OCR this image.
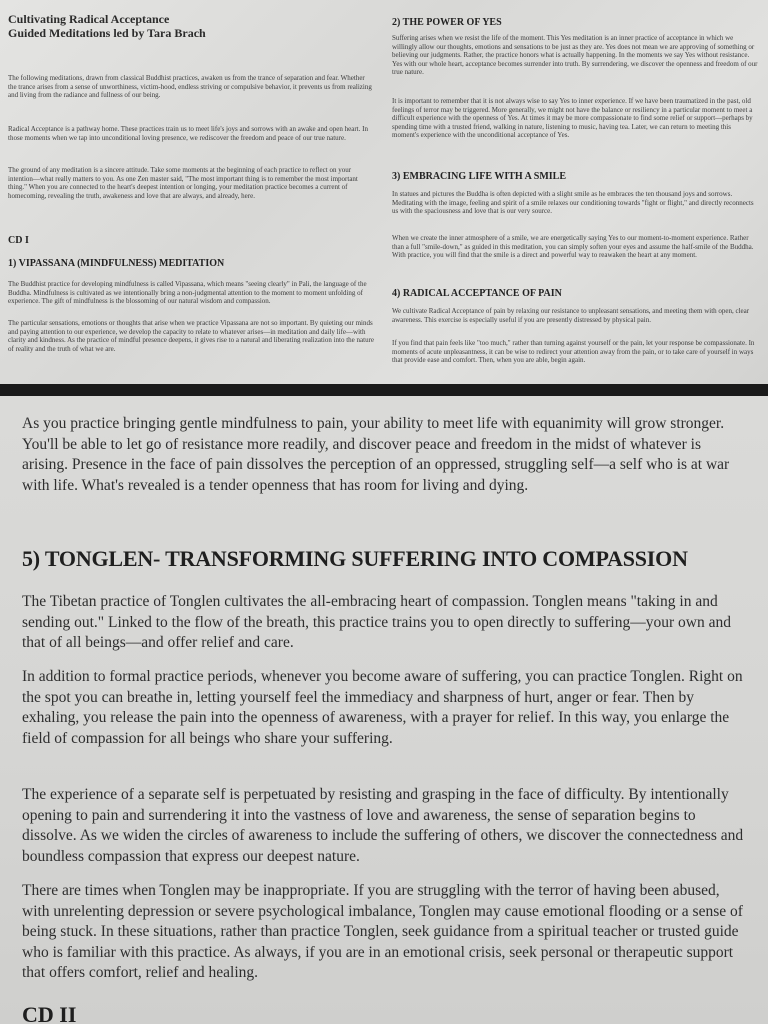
Cultivating Radical Acceptance

Guided Meditations led by Tara Brach

The following meditations, drawn from classical Buddhist practices, awaken us from the trance of separation and fear. Whether the trance arises from a sense of unworthiness, victim-hood, endless striving or compulsive behavior, it prevents us from realizing and living from the radiance and fullness of our being.

Radical Acceptance is a pathway home. These practices train us to meet life's joys and sorrows with an awake and open heart. In those moments when we tap into unconditional loving presence, we rediscover the freedom and peace of our true nature.

The ground of any meditation is a sincere attitude. Take some moments at the beginning of each practice to reflect on your intention—what really matters to you. As one Zen master said, "The most important thing is to remember the most important thing." When you are connected to the heart's deepest intention or longing, your meditation practice becomes a current of homecoming, revealing the truth, awakeness and love that are always, and already, here.

CD I

1) VIPASSANA (MINDFULNESS) MEDITATION

The Buddhist practice for developing mindfulness is called Vipassana, which means "seeing clearly" in Pali, the language of the Buddha. Mindfulness is cultivated as we intentionally bring a non-judgmental attention to the moment to moment unfolding of experience. The gift of mindfulness is the blossoming of our natural wisdom and compassion.

The particular sensations, emotions or thoughts that arise when we practice Vipassana are not so important. By quieting our minds and paying attention to our experience, we develop the capacity to relate to whatever arises—in meditation and daily life—with clarity and kindness. As the practice of mindful presence deepens, it gives rise to a natural and liberating realization into the nature of reality and the truth of what we are.

2) THE POWER OF YES

Suffering arises when we resist the life of the moment. This Yes meditation is an inner practice of acceptance in which we willingly allow our thoughts, emotions and sensations to be just as they are. Yes does not mean we are approving of something or believing our judgments. Rather, the practice honors what is actually happening. In the moments we say Yes without resistance. Yes with our whole heart, acceptance becomes surrender into truth. By surrendering, we discover the openness and freedom of our true nature.

It is important to remember that it is not always wise to say Yes to inner experience. If we have been traumatized in the past, old feelings of terror may be triggered. More generally, we might not have the balance or resiliency in a particular moment to meet a difficult experience with the openness of Yes. At times it may be more compassionate to find some relief or support—perhaps by spending time with a trusted friend, walking in nature, listening to music, having tea. Later, we can return to meeting this moment's experience with the unconditional acceptance of Yes.

3) EMBRACING LIFE WITH A SMILE

In statues and pictures the Buddha is often depicted with a slight smile as he embraces the ten thousand joys and sorrows. Meditating with the image, feeling and spirit of a smile relaxes our conditioning towards "fight or flight," and directly reconnects us with the spaciousness and love that is our very source.

When we create the inner atmosphere of a smile, we are energetically saying Yes to our moment-to-moment experience. Rather than a full "smile-down," as guided in this meditation, you can simply soften your eyes and assume the half-smile of the Buddha. With practice, you will find that the smile is a direct and powerful way to reawaken the heart at any moment.

4) RADICAL ACCEPTANCE OF PAIN

We cultivate Radical Acceptance of pain by relaxing our resistance to unpleasant sensations, and meeting them with open, clear awareness. This exercise is especially useful if you are presently distressed by physical pain.

If you find that pain feels like "too much," rather than turning against yourself or the pain, let your response be compassionate. In moments of acute unpleasantness, it can be wise to redirect your attention away from the pain, or to take care of yourself in ways that provide ease and comfort. Then, when you are able, begin again.

As you practice bringing gentle mindfulness to pain, your ability to meet life with equanimity will grow stronger. You'll be able to let go of resistance more readily, and discover peace and freedom in the midst of whatever is arising. Presence in the face of pain dissolves the perception of an oppressed, struggling self—a self who is at war with life. What's revealed is a tender openness that has room for living and dying.

5) TONGLEN- TRANSFORMING SUFFERING INTO COMPASSION

The Tibetan practice of Tonglen cultivates the all-embracing heart of compassion. Tonglen means "taking in and sending out." Linked to the flow of the breath, this practice trains you to open directly to suffering—your own and that of all beings—and offer relief and care.

In addition to formal practice periods, whenever you become aware of suffering, you can practice Tonglen. Right on the spot you can breathe in, letting yourself feel the immediacy and sharpness of hurt, anger or fear. Then by exhaling, you release the pain into the openness of awareness, with a prayer for relief. In this way, you enlarge the field of compassion for all beings who share your suffering.

The experience of a separate self is perpetuated by resisting and grasping in the face of difficulty. By intentionally opening to pain and surrendering it into the vastness of love and awareness, the sense of separation begins to dissolve. As we widen the circles of awareness to include the suffering of others, we discover the connectedness and boundless compassion that express our deepest nature.

There are times when Tonglen may be inappropriate. If you are struggling with the terror of having been abused, with unrelenting depression or severe psychological imbalance, Tonglen may cause emotional flooding or a sense of being stuck. In these situations, rather than practice Tonglen, seek guidance from a spiritual teacher or trusted guide who is familiar with this practice. As always, if you are in an emotional crisis, seek personal or therapeutic support that offers comfort, relief and healing.

CD II
